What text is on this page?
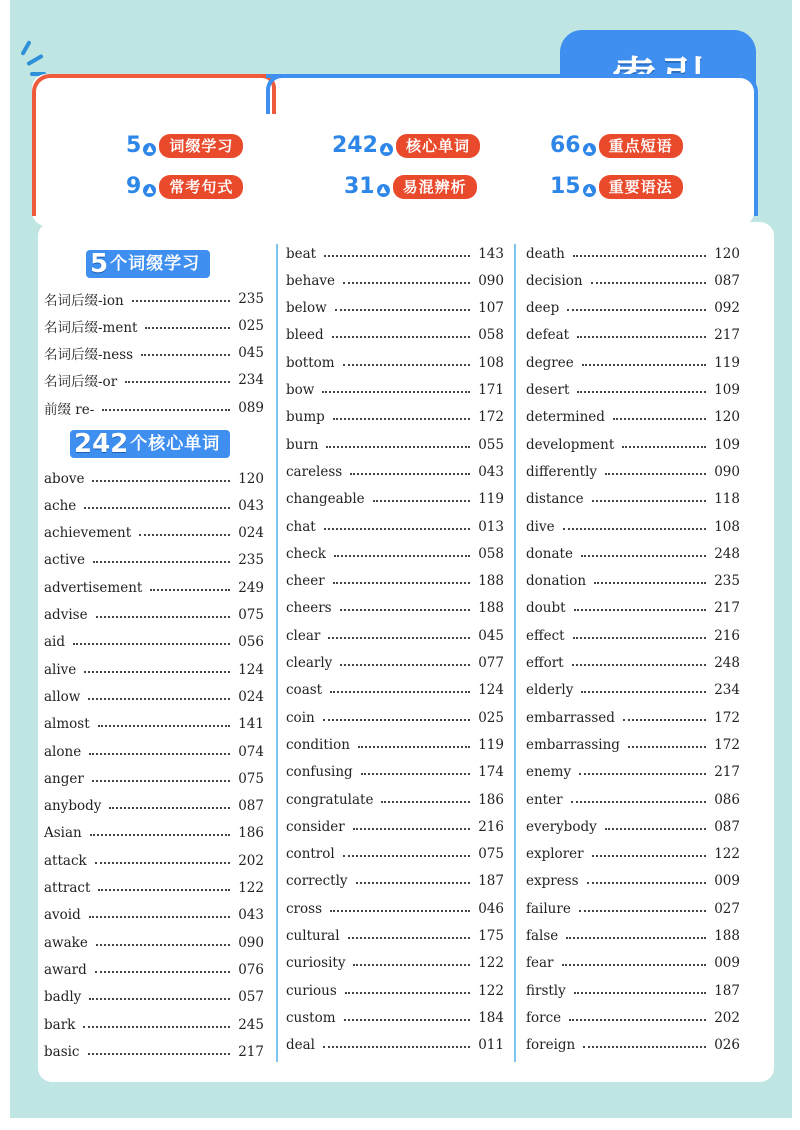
5 ▲	词缀学习	242 ▲	核心单词	66 ▲	重点短语
9 ▲	常考句式	31 ▲	易混辨析	15 ▲	重要语法
5 个词缀学习
名词后缀-ion	235
名词后缀-ment	025
名词后缀-ness	045
名词后缀-or	234
前缀 re-	089
242 个核心单词
above	120
ache	043
achievement	024
active	235
advertisement	249
advise	075
aid	056
alive	124
allow	024
almost	141
alone	074
anger	075
anybody	087
Asian	186
attack	202
attract	122
avoid	043
awake	090
award	076
badly	057
bark	245
basic	217
beat	143
behave	090
below	107
bleed	058
bottom	108
bow	171
bump	172
burn	055
careless	043
changeable	119
chat	013
check	058
cheer	188
cheers	188
clear	045
clearly	077
coast	124
coin	025
condition	119
confusing	174
congratulate	186
consider	216
control	075
correctly	187
cross	046
cultural	175
curiosity	122
curious	122
custom	184
deal	011
death	120
decision	087
deep	092
defeat	217
degree	119
desert	109
determined	120
development	109
differently	090
distance	118
dive	108
donate	248
donation	235
doubt	217
effect	216
effort	248
elderly	234
embarrassed	172
embarrassing	172
enemy	217
enter	086
everybody	087
explorer	122
express	009
failure	027
false	188
fear	009
firstly	187
force	202
foreign	026
